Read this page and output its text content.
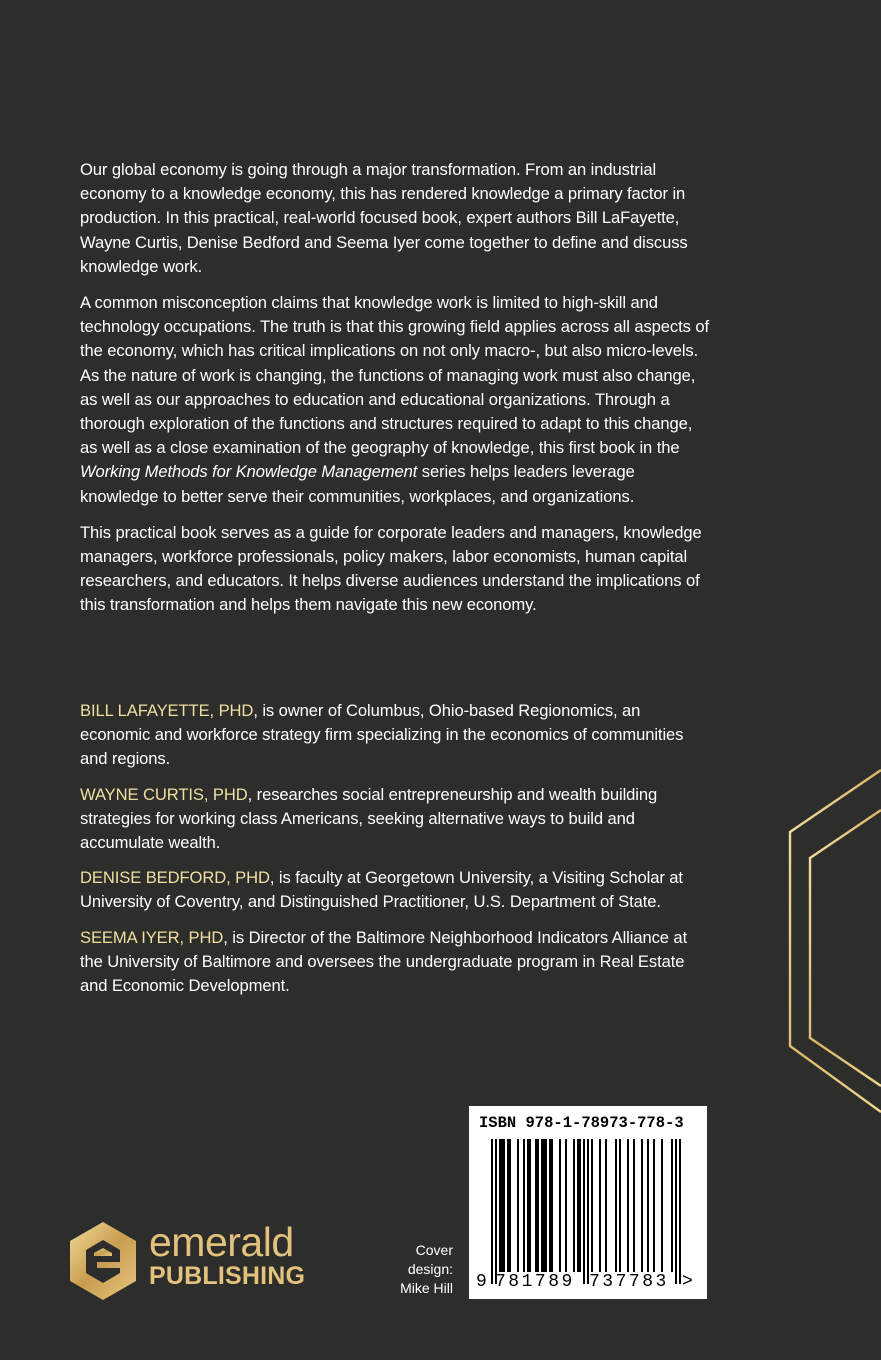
Our global economy is going through a major transformation. From an industrial economy to a knowledge economy, this has rendered knowledge a primary factor in production. In this practical, real-world focused book, expert authors Bill LaFayette, Wayne Curtis, Denise Bedford and Seema Iyer come together to define and discuss knowledge work.

A common misconception claims that knowledge work is limited to high-skill and technology occupations. The truth is that this growing field applies across all aspects of the economy, which has critical implications on not only macro-, but also micro-levels. As the nature of work is changing, the functions of managing work must also change, as well as our approaches to education and educational organizations. Through a thorough exploration of the functions and structures required to adapt to this change, as well as a close examination of the geography of knowledge, this first book in the Working Methods for Knowledge Management series helps leaders leverage knowledge to better serve their communities, workplaces, and organizations.

This practical book serves as a guide for corporate leaders and managers, knowledge managers, workforce professionals, policy makers, labor economists, human capital researchers, and educators. It helps diverse audiences understand the implications of this transformation and helps them navigate this new economy.

BILL LAFAYETTE, PHD, is owner of Columbus, Ohio-based Regionomics, an economic and workforce strategy firm specializing in the economics of communities and regions.

WAYNE CURTIS, PHD, researches social entrepreneurship and wealth building strategies for working class Americans, seeking alternative ways to build and accumulate wealth.

DENISE BEDFORD, PHD, is faculty at Georgetown University, a Visiting Scholar at University of Coventry, and Distinguished Practitioner, U.S. Department of State.

SEEMA IYER, PHD, is Director of the Baltimore Neighborhood Indicators Alliance at the University of Baltimore and oversees the undergraduate program in Real Estate and Economic Development.

emerald
PUBLISHING
Cover
design:
Mike Hill
ISBN 978-1-78973-778-3
9 781789 737783 >
